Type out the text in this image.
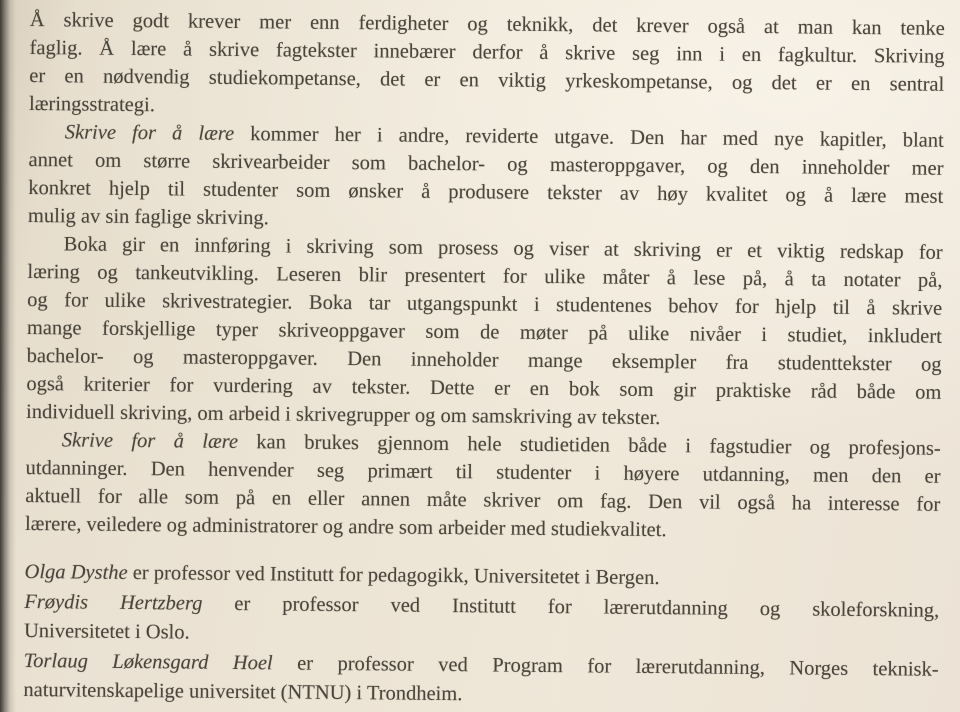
Å skrive godt krever mer enn ferdigheter og teknikk, det krever også at man kan tenke
faglig. Å lære å skrive fagtekster innebærer derfor å skrive seg inn i en fagkultur. Skriving
er en nødvendig studiekompetanse, det er en viktig yrkeskompetanse, og det er en sentral
læringsstrategi.
Skrive for å lære kommer her i andre, reviderte utgave. Den har med nye kapitler, blant
annet om større skrivearbeider som bachelor- og masteroppgaver, og den inneholder mer
konkret hjelp til studenter som ønsker å produsere tekster av høy kvalitet og å lære mest
mulig av sin faglige skriving.
Boka gir en innføring i skriving som prosess og viser at skriving er et viktig redskap for
læring og tankeutvikling. Leseren blir presentert for ulike måter å lese på, å ta notater på,
og for ulike skrivestrategier. Boka tar utgangspunkt i studentenes behov for hjelp til å skrive
mange forskjellige typer skriveoppgaver som de møter på ulike nivåer i studiet, inkludert
bachelor- og masteroppgaver. Den inneholder mange eksempler fra studenttekster og
også kriterier for vurdering av tekster. Dette er en bok som gir praktiske råd både om
individuell skriving, om arbeid i skrivegrupper og om samskriving av tekster.
Skrive for å lære kan brukes gjennom hele studietiden både i fagstudier og profesjons-
utdanninger. Den henvender seg primært til studenter i høyere utdanning, men den er
aktuell for alle som på en eller annen måte skriver om fag. Den vil også ha interesse for
lærere, veiledere og administratorer og andre som arbeider med studiekvalitet.
Olga Dysthe er professor ved Institutt for pedagogikk, Universitetet i Bergen.
Frøydis Hertzberg er professor ved Institutt for lærerutdanning og skoleforskning,
Universitetet i Oslo.
Torlaug Løkensgard Hoel er professor ved Program for lærerutdanning, Norges teknisk-
naturvitenskapelige universitet (NTNU) i Trondheim.
